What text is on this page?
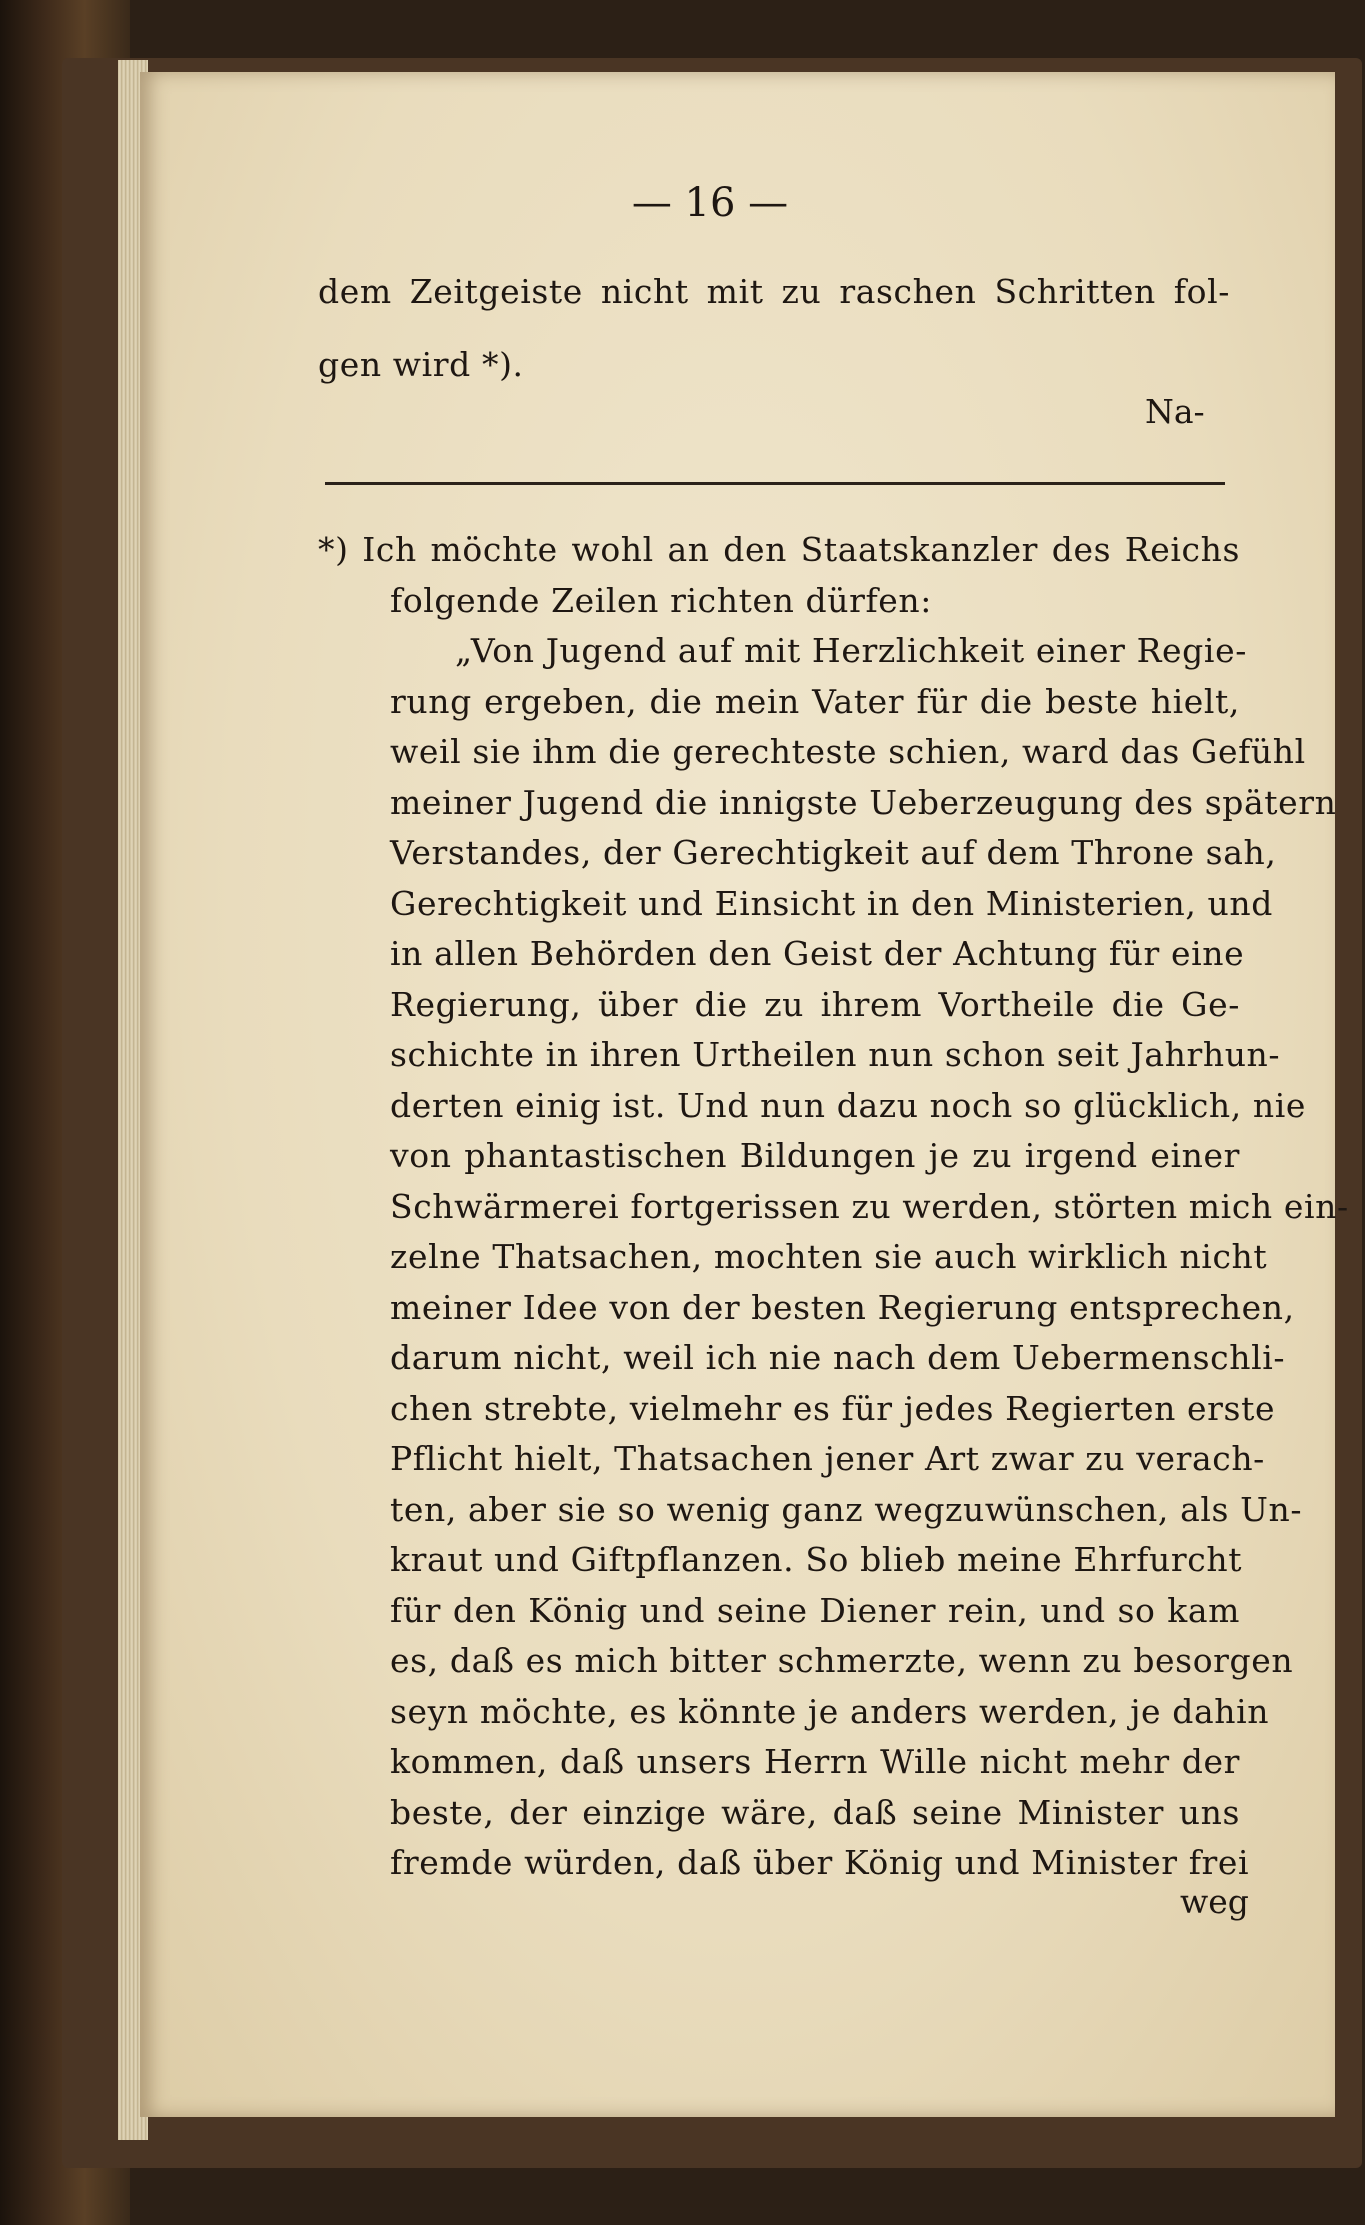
— 16 —
dem Zeitgeiste nicht mit zu raschen Schritten fol-
gen wird *).
Na-
*) Ich möchte wohl an den Staatskanzler des Reichs
folgende Zeilen richten dürfen:
„Von Jugend auf mit Herzlichkeit einer Regie-
rung ergeben, die mein Vater für die beste hielt,
weil sie ihm die gerechteste schien, ward das Gefühl
meiner Jugend die innigste Ueberzeugung des spätern
Verstandes, der Gerechtigkeit auf dem Throne sah,
Gerechtigkeit und Einsicht in den Ministerien, und
in allen Behörden den Geist der Achtung für eine
Regierung, über die zu ihrem Vortheile die Ge-
schichte in ihren Urtheilen nun schon seit Jahrhun-
derten einig ist. Und nun dazu noch so glücklich, nie
von phantastischen Bildungen je zu irgend einer
Schwärmerei fortgerissen zu werden, störten mich ein-
zelne Thatsachen, mochten sie auch wirklich nicht
meiner Idee von der besten Regierung entsprechen,
darum nicht, weil ich nie nach dem Uebermenschli-
chen strebte, vielmehr es für jedes Regierten erste
Pflicht hielt, Thatsachen jener Art zwar zu verach-
ten, aber sie so wenig ganz wegzuwünschen, als Un-
kraut und Giftpflanzen. So blieb meine Ehrfurcht
für den König und seine Diener rein, und so kam
es, daß es mich bitter schmerzte, wenn zu besorgen
seyn möchte, es könnte je anders werden, je dahin
kommen, daß unsers Herrn Wille nicht mehr der
beste, der einzige wäre, daß seine Minister uns
fremde würden, daß über König und Minister frei
weg
